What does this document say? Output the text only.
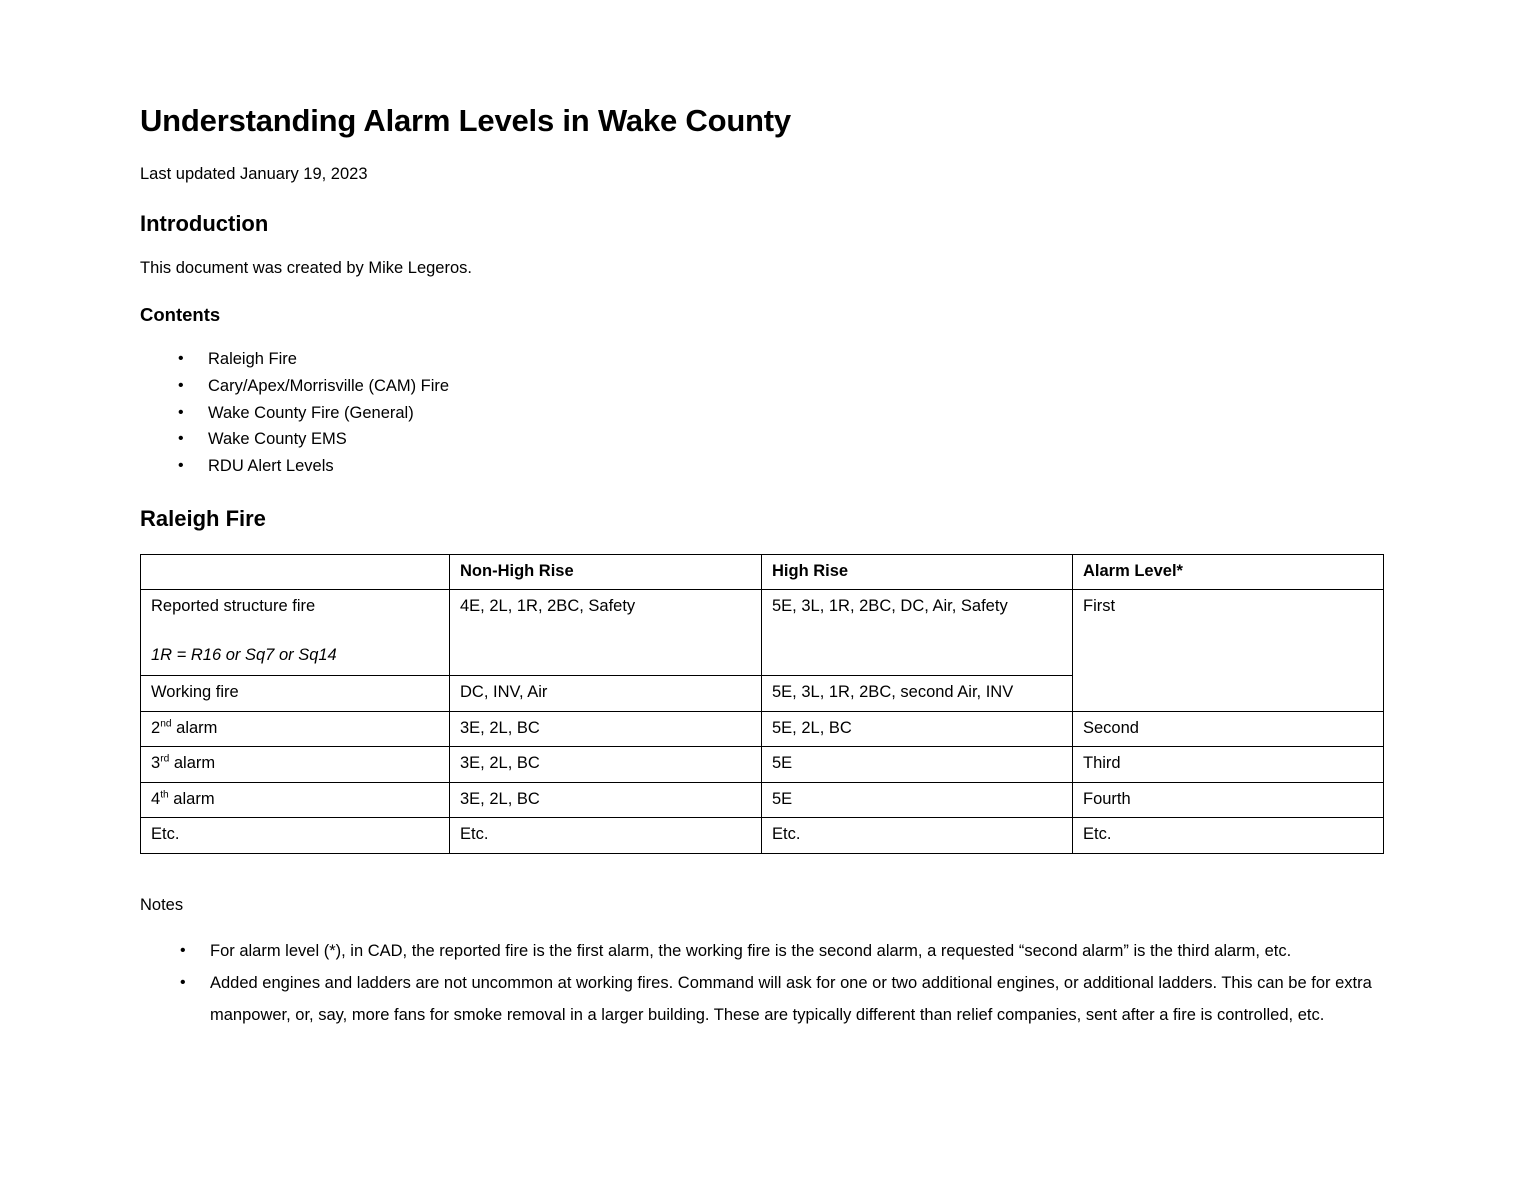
Understanding Alarm Levels in Wake County

Last updated January 19, 2023

Introduction

This document was created by Mike Legeros.

Contents
• Raleigh Fire
• Cary/Apex/Morrisville (CAM) Fire
• Wake County Fire (General)
• Wake County EMS
• RDU Alert Levels
Raleigh Fire
	Non-High Rise	High Rise	Alarm Level*
Reported structure fire
1R = R16 or Sq7 or Sq14	4E, 2L, 1R, 2BC, Safety	5E, 3L, 1R, 2BC, DC, Air, Safety	First
Working fire	DC, INV, Air	5E, 3L, 1R, 2BC, second Air, INV	
2nd alarm	3E, 2L, BC	5E, 2L, BC	Second
3rd alarm	3E, 2L, BC	5E	Third
4th alarm	3E, 2L, BC	5E	Fourth
Etc.	Etc.	Etc.	Etc.

Notes

• For alarm level (*), in CAD, the reported fire is the first alarm, the working fire is the second alarm, a requested “second alarm” is the third alarm, etc.
• Added engines and ladders are not uncommon at working fires. Command will ask for one or two additional engines, or additional ladders. This can be for extra manpower, or, say, more fans for smoke removal in a larger building. These are typically different than relief companies, sent after a fire is controlled, etc.
